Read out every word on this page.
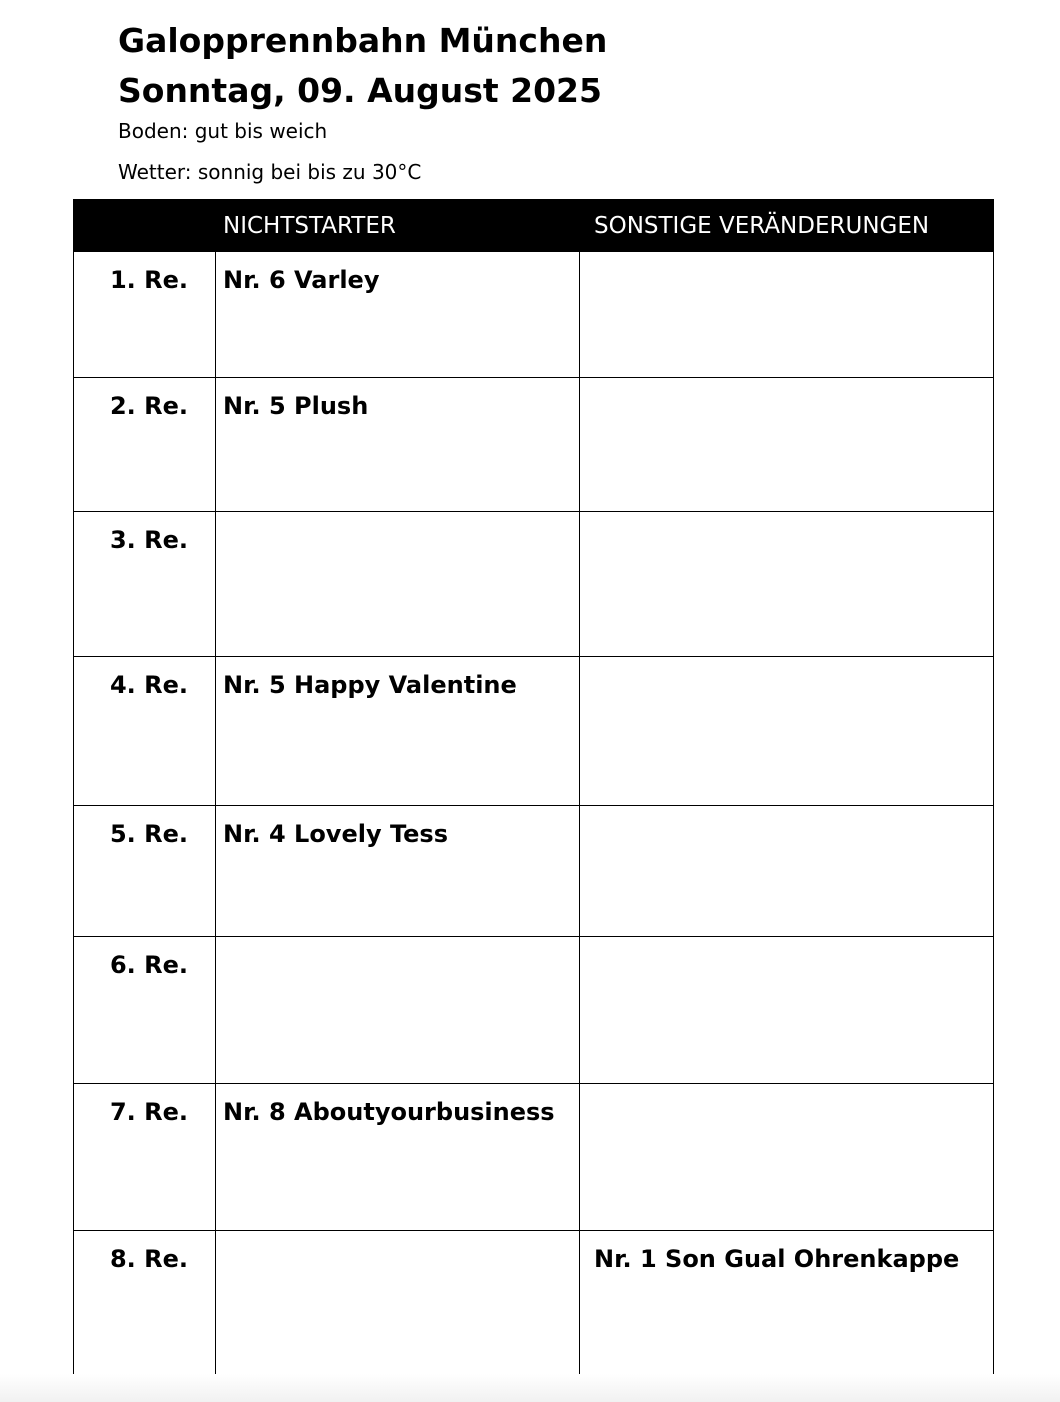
Galopprennbahn München

Sonntag, 09. August 2025

Boden: gut bis weich

Wetter: sonnig bei bis zu 30°C

	NICHTSTARTER	SONSTIGE VERÄNDERUNGEN
1. Re.	Nr. 6 Varley	
2. Re.	Nr. 5 Plush	
3. Re.		
4. Re.	Nr. 5 Happy Valentine	
5. Re.	Nr. 4 Lovely Tess	
6. Re.		
7. Re.	Nr. 8 Aboutyourbusiness	
8. Re.		Nr. 1 Son Gual Ohrenkappe
